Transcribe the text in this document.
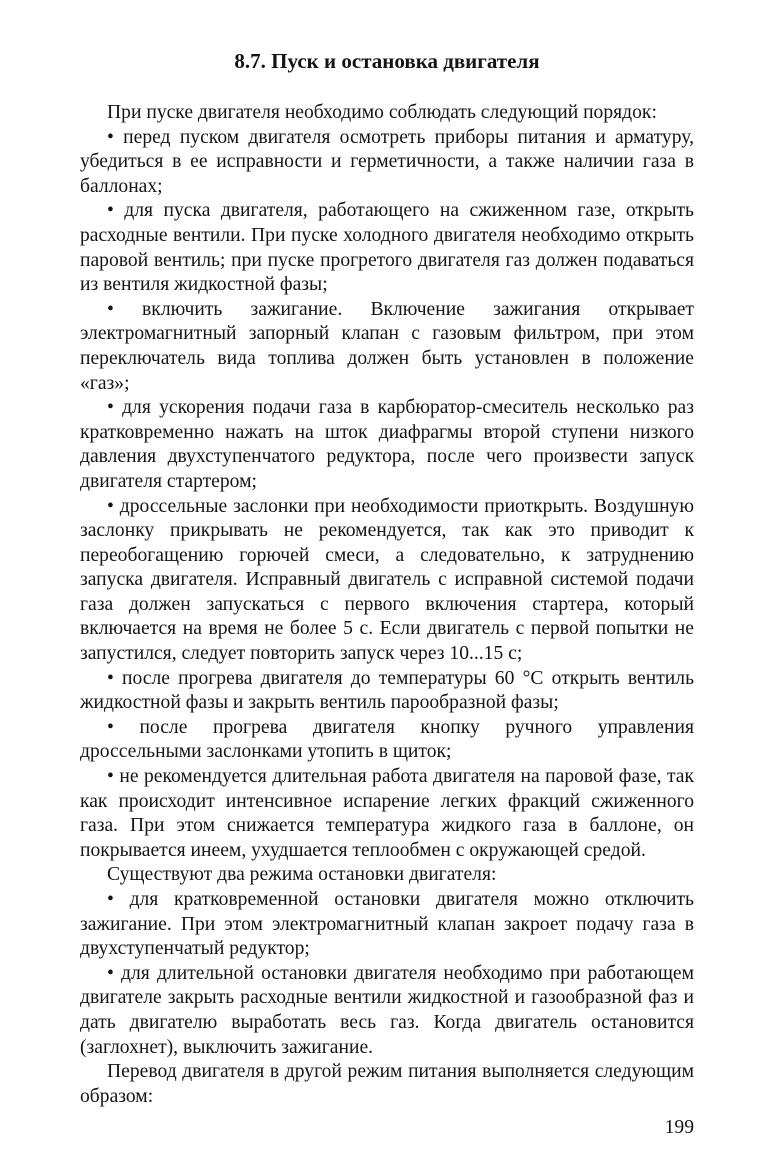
8.7. Пуск и остановка двигателя

При пуске двигателя необходимо соблюдать следующий порядок:

• перед пуском двигателя осмотреть приборы питания и арматуру, убедиться в ее исправности и герметичности, а также наличии газа в баллонах;

• для пуска двигателя, работающего на сжиженном газе, открыть расходные вентили. При пуске холодного двигателя необходимо открыть паровой вентиль; при пуске прогретого двигателя газ должен подаваться из вентиля жидкостной фазы;

• включить зажигание. Включение зажигания открывает электромагнитный запорный клапан с газовым фильтром, при этом переключатель вида топлива должен быть установлен в положение «газ»;

• для ускорения подачи газа в карбюратор-смеситель несколько раз кратковременно нажать на шток диафрагмы второй ступени низкого давления двухступенчатого редуктора, после чего произвести запуск двигателя стартером;

• дроссельные заслонки при необходимости приоткрыть. Воздушную заслонку прикрывать не рекомендуется, так как это приводит к переобогащению горючей смеси, а следовательно, к затруднению запуска двигателя. Исправный двигатель с исправной системой подачи газа должен запускаться с первого включения стартера, который включается на время не более 5 с. Если двигатель с первой попытки не запустился, следует повторить запуск через 10...15 с;

• после прогрева двигателя до температуры 60 °С открыть вентиль жидкостной фазы и закрыть вентиль парообразной фазы;

• после прогрева двигателя кнопку ручного управления дроссельными заслонками утопить в щиток;

• не рекомендуется длительная работа двигателя на паровой фазе, так как происходит интенсивное испарение легких фракций сжиженного газа. При этом снижается температура жидкого газа в баллоне, он покрывается инеем, ухудшается теплообмен с окружающей средой.

Существуют два режима остановки двигателя:

• для кратковременной остановки двигателя можно отключить зажигание. При этом электромагнитный клапан закроет подачу газа в двухступенчатый редуктор;

• для длительной остановки двигателя необходимо при работающем двигателе закрыть расходные вентили жидкостной и газообразной фаз и дать двигателю выработать весь газ. Когда двигатель остановится (заглохнет), выключить зажигание.

Перевод двигателя в другой режим питания выполняется следующим образом:

199
